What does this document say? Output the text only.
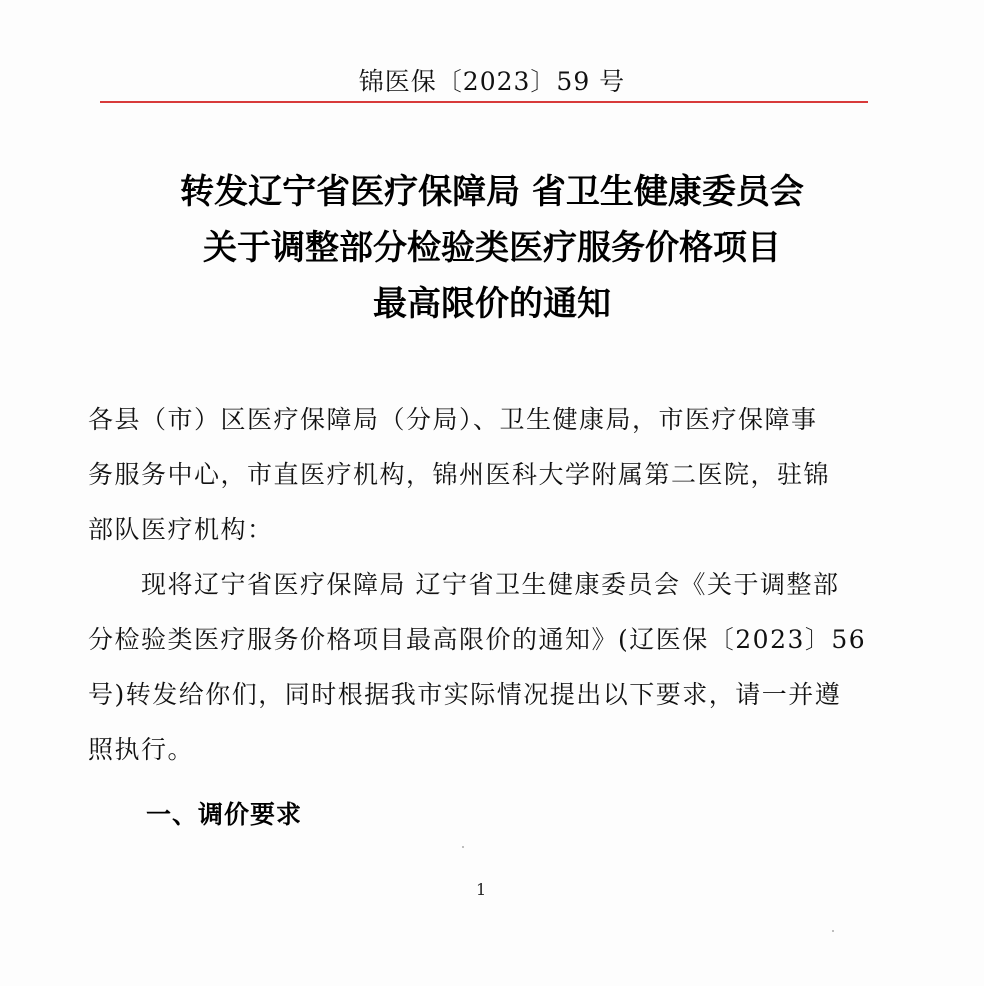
锦医保〔2023〕59 号
转发辽宁省医疗保障局 省卫生健康委员会
关于调整部分检验类医疗服务价格项目
最高限价的通知
各县（市）区医疗保障局（分局）、卫生健康局，市医疗保障事
务服务中心，市直医疗机构，锦州医科大学附属第二医院，驻锦
部队医疗机构：
　　现将辽宁省医疗保障局 辽宁省卫生健康委员会《关于调整部
分检验类医疗服务价格项目最高限价的通知》(辽医保〔2023〕56
号)转发给你们，同时根据我市实际情况提出以下要求，请一并遵
照执行。
一、调价要求
1
